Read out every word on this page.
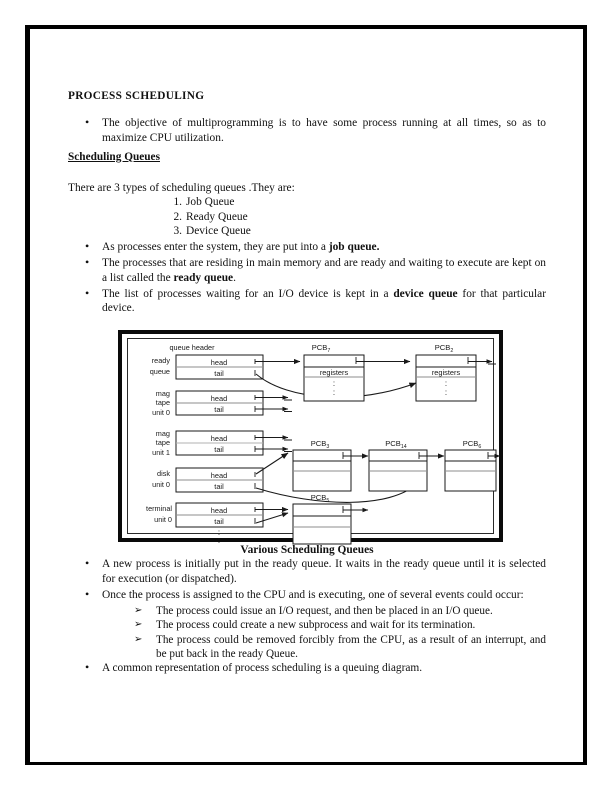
PROCESS SCHEDULING
• The objective of multiprogramming is to have some process running at all times, so as to maximize CPU utilization.
Scheduling Queues

There are 3 types of scheduling queues .They are:

Job Queue
Ready Queue
Device Queue
• As processes enter the system, they are put into a job queue.
• The processes that are residing in main memory and are ready and waiting to execute are kept on a list called the ready queue.
• The list of processes waiting for an I/O device is kept in a device queue for that particular device.
queue header
ready
queue
head
tail
$PCB_7$
registers
:
:
$PCB_2$
registers
:
:
mag
tape
unit 0
head
tail
mag
tape
unit 1
head
tail
disk
unit 0
head
tail
$PCB_3$	$PCB_{14}$	$PCB_6$
terminal
unit 0
head
tail
:
:
$PCB_5$
Various Scheduling Queues
• A new process is initially put in the ready queue. It waits in the ready queue until it is selected for execution (or dispatched).
• Once the process is assigned to the CPU and is executing, one of several events could occur:
➢ The process could issue an I/O request, and then be placed in an I/O queue.
➢ The process could create a new subprocess and wait for its termination.
➢ The process could be removed forcibly from the CPU, as a result of an interrupt, and be put back in the ready Queue.
• A common representation of process scheduling is a queuing diagram.
